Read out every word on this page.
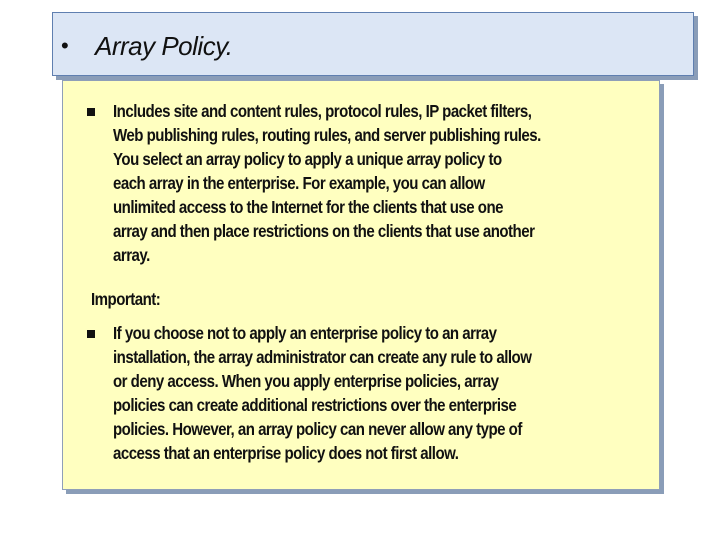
• Array Policy.
Includes site and content rules, protocol rules, IP packet filters,
Web publishing rules, routing rules, and server publishing rules.
You select an array policy to apply a unique array policy to
each array in the enterprise. For example, you can allow
unlimited access to the Internet for the clients that use one
array and then place restrictions on the clients that use another
array.

Important:

If you choose not to apply an enterprise policy to an array
installation, the array administrator can create any rule to allow
or deny access. When you apply enterprise policies, array
policies can create additional restrictions over the enterprise
policies. However, an array policy can never allow any type of
access that an enterprise policy does not first allow.
